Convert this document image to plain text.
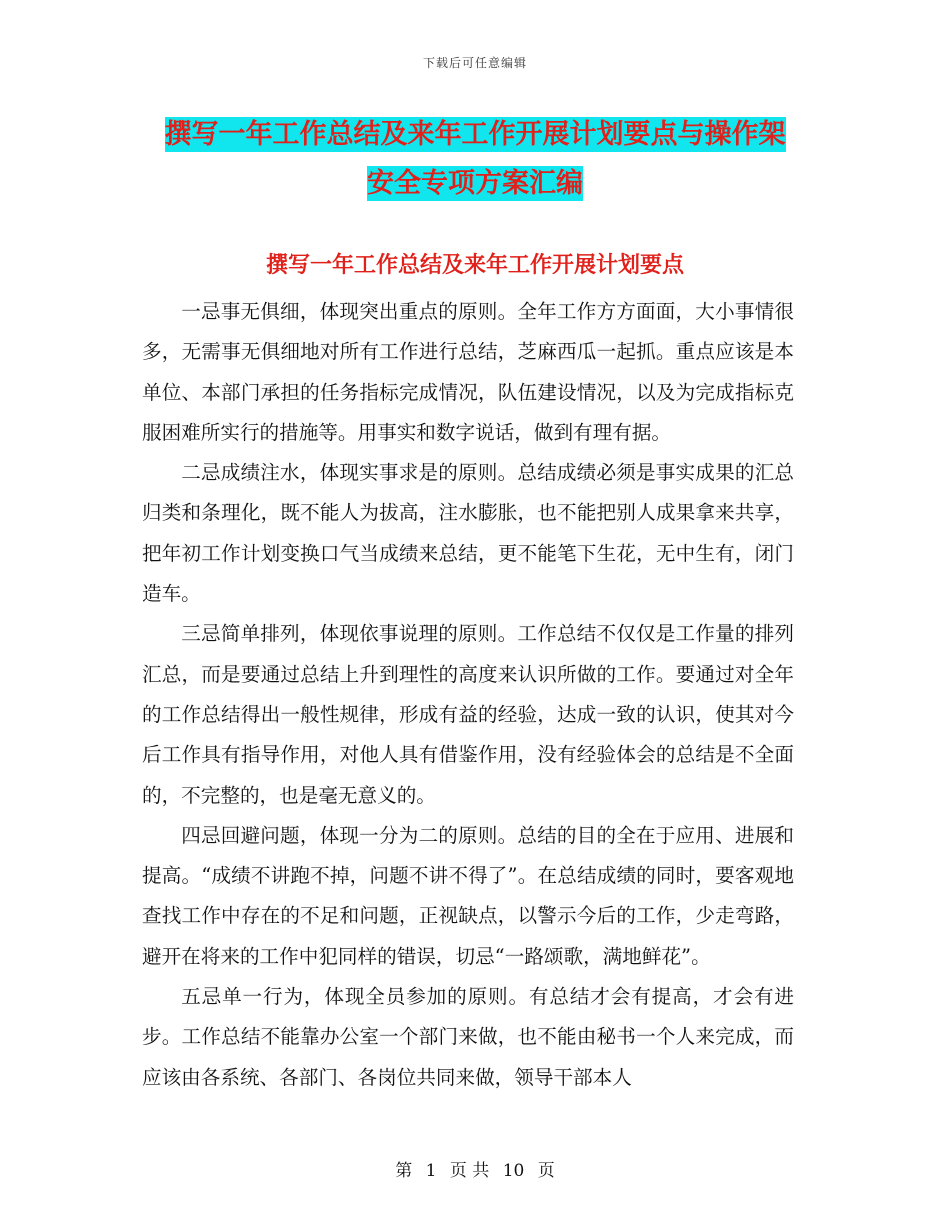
下载后可任意编辑
撰写一年工作总结及来年工作开展计划要点与操作架
安全专项方案汇编
撰写一年工作总结及来年工作开展计划要点

一忌事无俱细，体现突出重点的原则。全年工作方方面面，大小事情很多，无需事无俱细地对所有工作进行总结，芝麻西瓜一起抓。重点应该是本单位、本部门承担的任务指标完成情况，队伍建设情况，以及为完成指标克服困难所实行的措施等。用事实和数字说话，做到有理有据。

二忌成绩注水，体现实事求是的原则。总结成绩必须是事实成果的汇总归类和条理化，既不能人为拔高，注水膨胀，也不能把别人成果拿来共享，把年初工作计划变换口气当成绩来总结，更不能笔下生花，无中生有，闭门造车。

三忌简单排列，体现依事说理的原则。工作总结不仅仅是工作量的排列汇总，而是要通过总结上升到理性的高度来认识所做的工作。要通过对全年的工作总结得出一般性规律，形成有益的经验，达成一致的认识，使其对今后工作具有指导作用，对他人具有借鉴作用，没有经验体会的总结是不全面的，不完整的，也是毫无意义的。

四忌回避问题，体现一分为二的原则。总结的目的全在于应用、进展和提高。“成绩不讲跑不掉，问题不讲不得了”。在总结成绩的同时，要客观地查找工作中存在的不足和问题，正视缺点，以警示今后的工作，少走弯路，避开在将来的工作中犯同样的错误，切忌“一路颂歌，满地鲜花”。

五忌单一行为，体现全员参加的原则。有总结才会有提高，才会有进步。工作总结不能靠办公室一个部门来做，也不能由秘书一个人来完成，而应该由各系统、各部门、各岗位共同来做，领导干部本人

第 1 页 共 10 页
